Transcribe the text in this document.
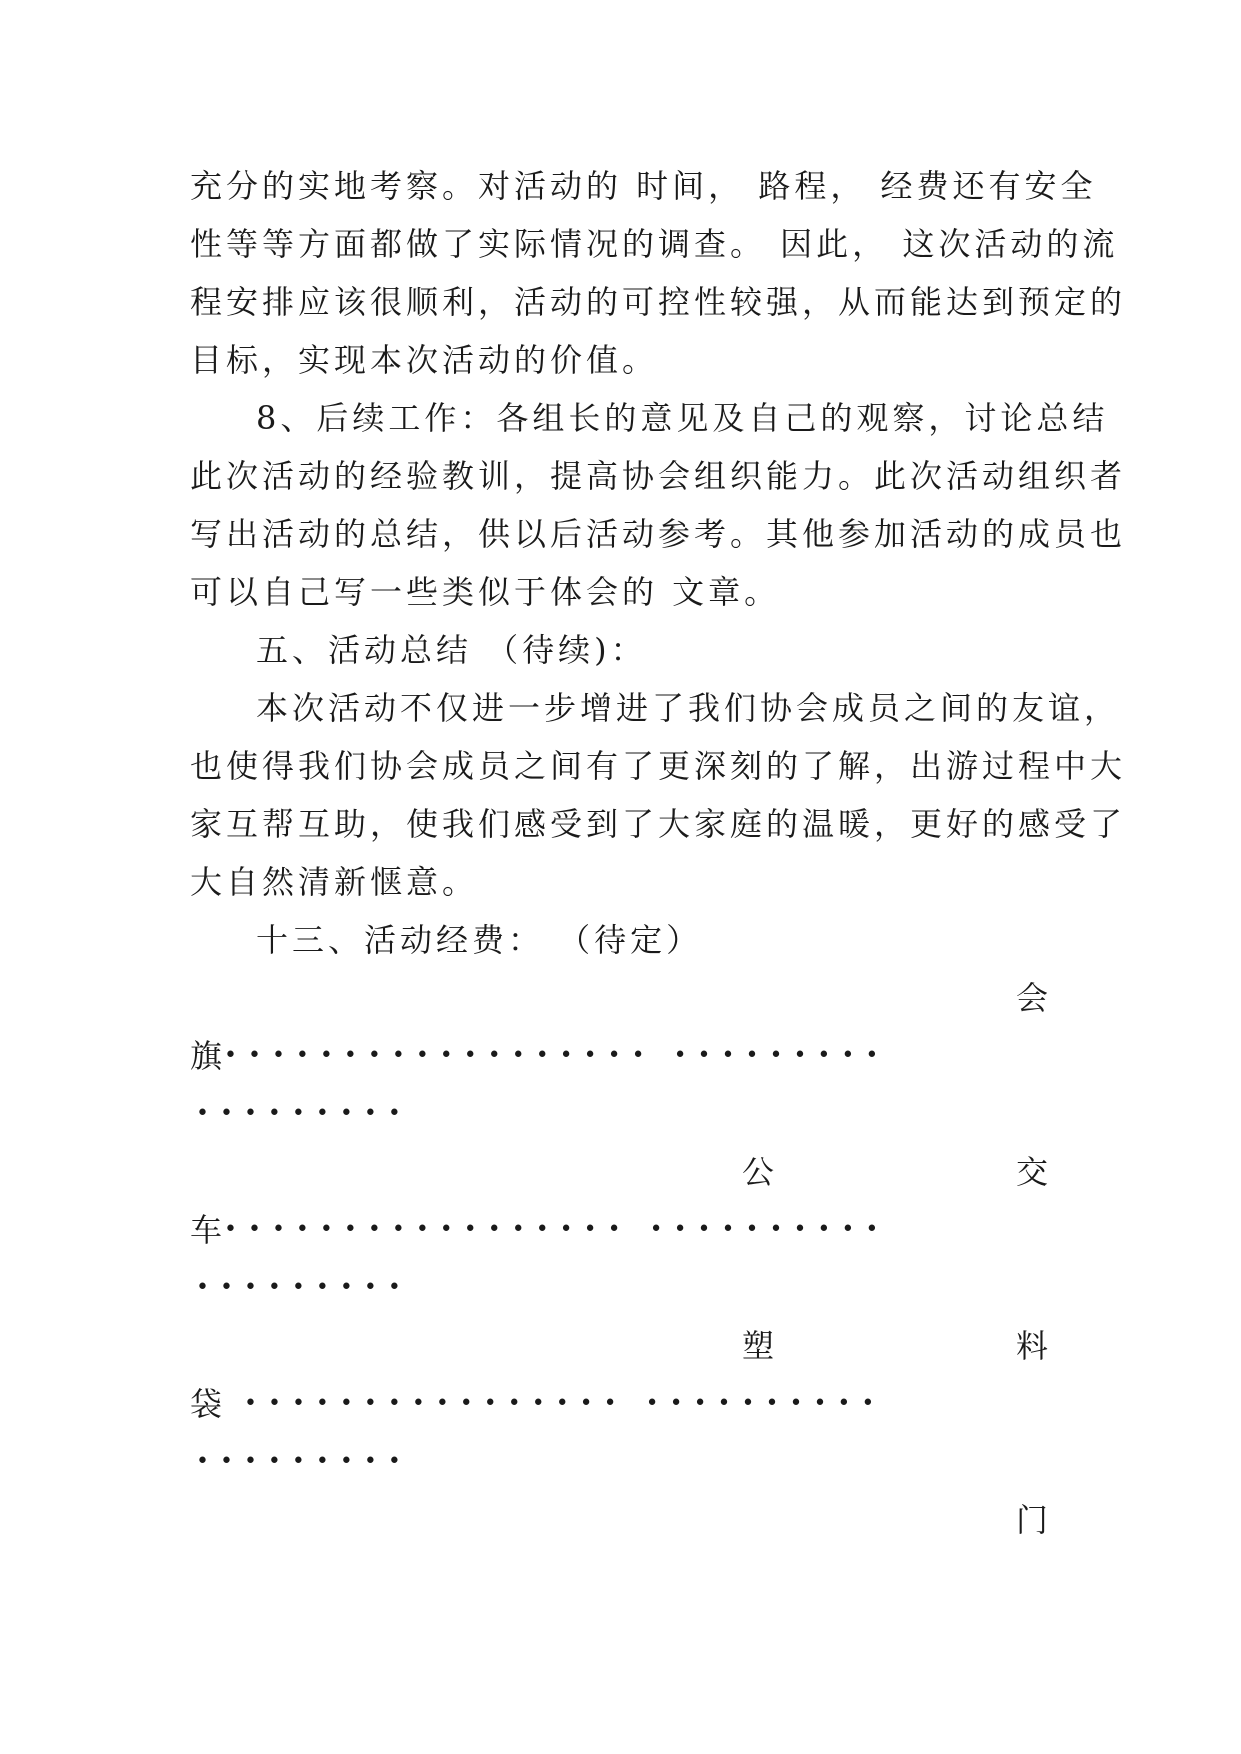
充分的实地考察。对活动的 时间， 路程， 经费还有安全
性等等方面都做了实际情况的调查。 因此， 这次活动的流
程安排应该很顺利，活动的可控性较强，从而能达到预定的
目标，实现本次活动的价值。
8、后续工作：各组长的意见及自己的观察，讨论总结
此次活动的经验教训，提高协会组织能力。此次活动组织者
写出活动的总结，供以后活动参考。其他参加活动的成员也
可以自己写一些类似于体会的 文章。
五、活动总结 （待续)：
本次活动不仅进一步增进了我们协会成员之间的友谊，
也使得我们协会成员之间有了更深刻的了解，出游过程中大
家互帮互助，使我们感受到了大家庭的温暖，更好的感受了
大自然清新惬意。
十三、活动经费： （待定）
会
旗 •••••••••••••••••• •••••••••
•••••••••
公	交
车 ••••••••••••••••• ••••••••••
•••••••••
塑	料
袋 •••••••••••••••• ••••••••••
•••••••••
门
